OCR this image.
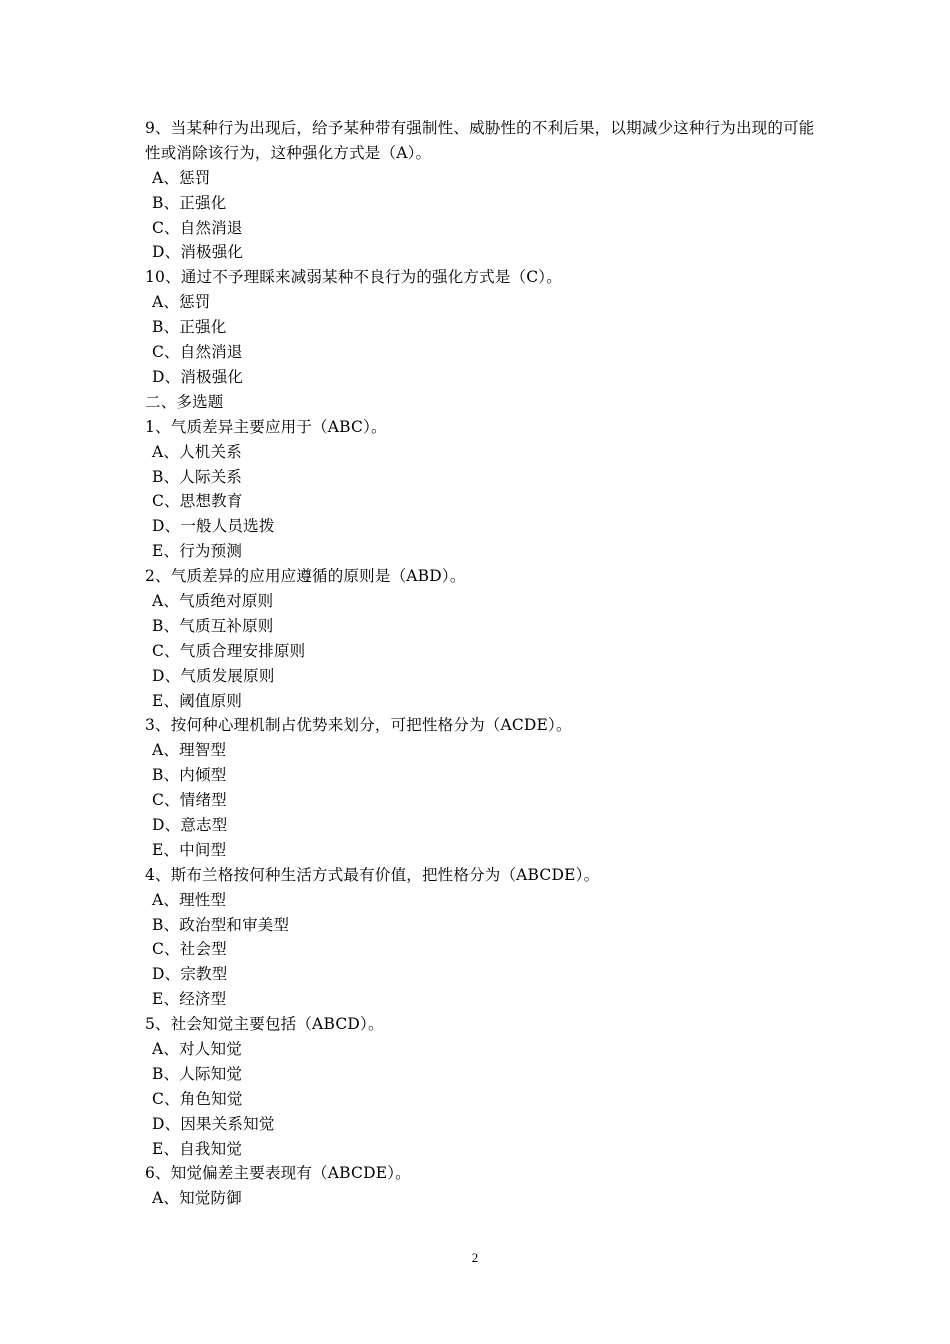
9、当某种行为出现后，给予某种带有强制性、威胁性的不利后果，以期减少这种行为出现的可能性或消除该行为，这种强化方式是（A）。
A、惩罚
B、正强化
C、自然消退
D、消极强化
10、通过不予理睬来减弱某种不良行为的强化方式是（C）。
A、惩罚
B、正强化
C、自然消退
D、消极强化
二、多选题
1、气质差异主要应用于（ABC）。
A、人机关系
B、人际关系
C、思想教育
D、一般人员选拨
E、行为预测
2、气质差异的应用应遵循的原则是（ABD）。
A、气质绝对原则
B、气质互补原则
C、气质合理安排原则
D、气质发展原则
E、阈值原则
3、按何种心理机制占优势来划分，可把性格分为（ACDE）。
A、理智型
B、内倾型
C、情绪型
D、意志型
E、中间型
4、斯布兰格按何种生活方式最有价值，把性格分为（ABCDE）。
A、理性型
B、政治型和审美型
C、社会型
D、宗教型
E、经济型
5、社会知觉主要包括（ABCD）。
A、对人知觉
B、人际知觉
C、角色知觉
D、因果关系知觉
E、自我知觉
6、知觉偏差主要表现有（ABCDE）。
A、知觉防御
2
